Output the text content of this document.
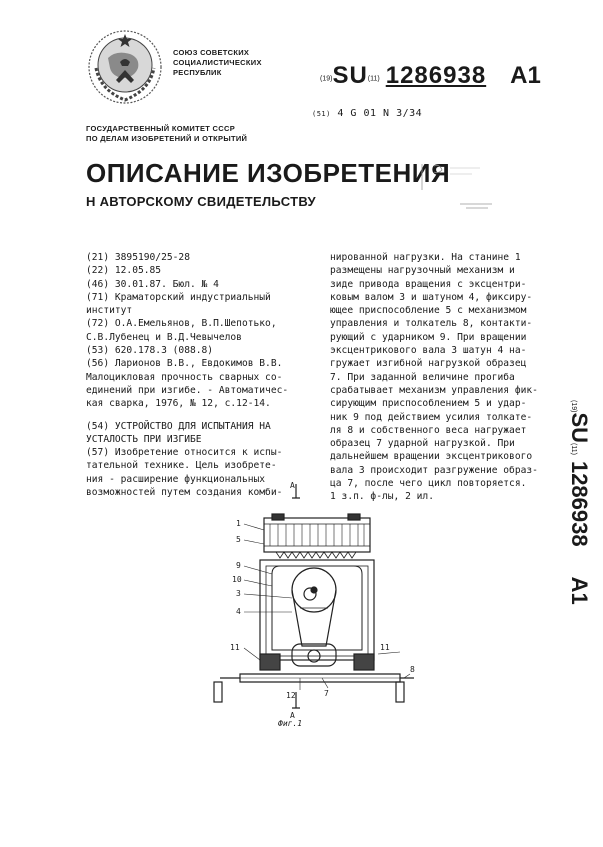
СОЮЗ СОВЕТСКИХ
СОЦИАЛИСТИЧЕСКИХ
РЕСПУБЛИК
(19)SU(11) 1286938 A1
(51) 4 G 01 N 3/34
ГОСУДАРСТВЕННЫЙ КОМИТЕТ СССР
ПО ДЕЛАМ ИЗОБРЕТЕНИЙ И ОТКРЫТИЙ
ОПИСАНИЕ ИЗОБРЕТЕНИЯ
Н АВТОРСКОМУ СВИДЕТЕЛЬСТВУ
(21) 3895190/25-28
(22) 12.05.85
(46) 30.01.87. Бюл. № 4
(71) Краматорский индустриальный
институт
(72) О.А.Емельянов, В.П.Шепотько,
С.В.Лубенец и В.Д.Чевычелов
(53) 620.178.3 (088.8)
(56) Ларионов В.В., Евдокимов В.В.
Малоцикловая прочность сварных со-
единений при изгибе. - Автоматичес-
кая сварка, 1976, № 12, с.12-14.
(54) УСТРОЙСТВО ДЛЯ ИСПЫТАНИЯ НА
УСТАЛОСТЬ ПРИ ИЗГИБЕ
(57) Изобретение относится к испы-
тательной технике. Цель изобрете-
ния - расширение функциональных
возможностей путем создания комби-
нированной нагрузки. На станине 1
размещены нагрузочный механизм и
зиде привода вращения с эксцентри-
ковым валом 3 и шатуном 4, фиксиру-
ющее приспособление 5 с механизмом
управления и толкатель 8, контакти-
рующий с ударником 9. При вращении
эксцентрикового вала 3 шатун 4 на-
гружает изгибной нагрузкой образец
7. При заданной величине прогиба
срабатывает механизм управления фик-
сирующим приспособлением 5 и удар-
ник 9 под действием усилия толкате-
ля 8 и собственного веса нагружает
образец 7 ударной нагрузкой. При
дальнейшем вращении эксцентрикового
вала 3 происходит разгружение образ-
ца 7, после чего цикл повторяется.
1 з.п. ф-лы, 2 ил.
(19)SU(11)1286938A1
А
1
5
9
10
3
4
11
12	7
11
8
А
Фиг.1
